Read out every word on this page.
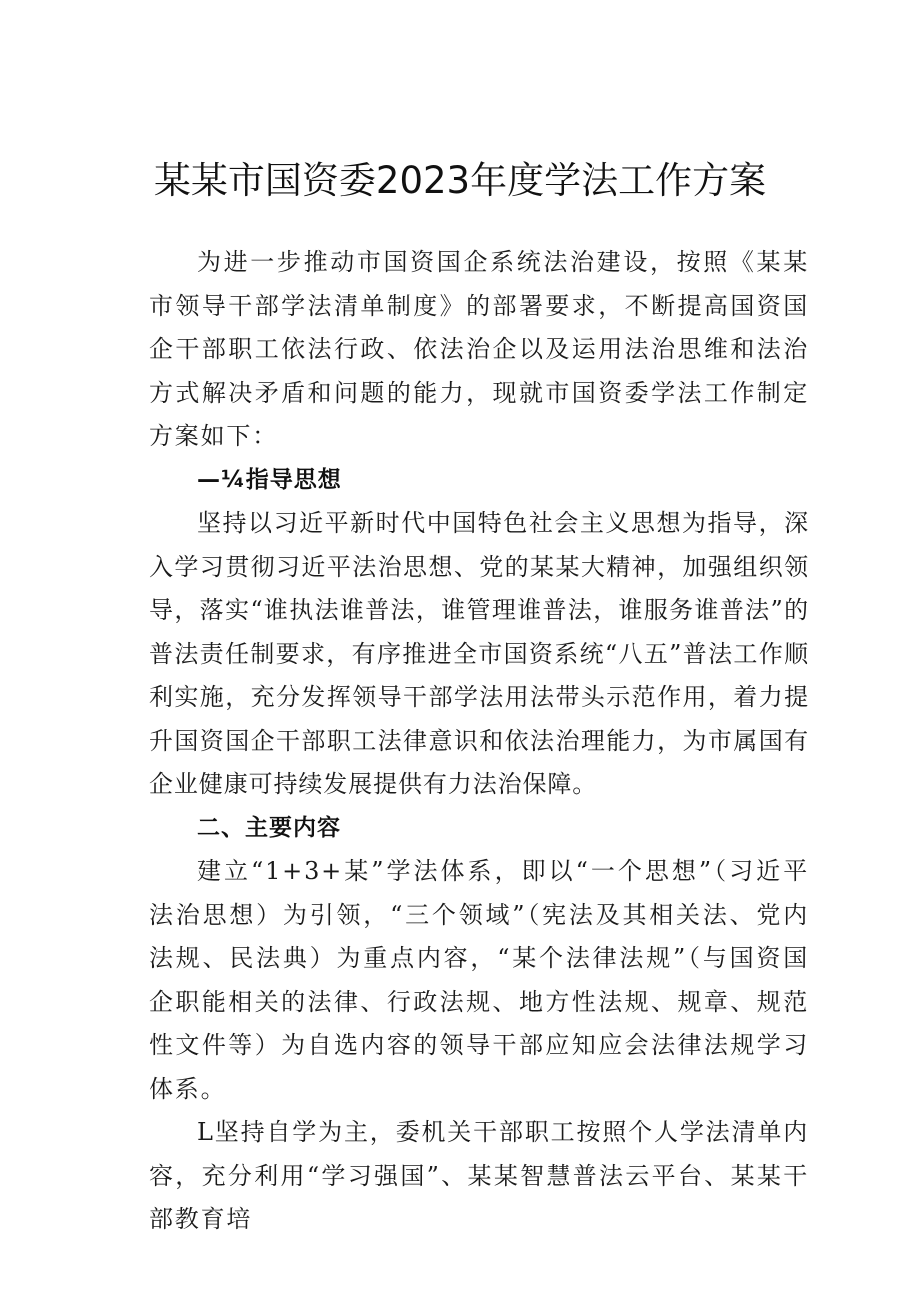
某某市国资委2023年度学法工作方案

为进一步推动市国资国企系统法治建设，按照《某某市领导干部学法清单制度》的部署要求，不断提高国资国企干部职工依法行政、依法治企以及运用法治思维和法治方式解决矛盾和问题的能力，现就市国资委学法工作制定方案如下：

—¼指导思想

坚持以习近平新时代中国特色社会主义思想为指导，深入学习贯彻习近平法治思想、党的某某大精神，加强组织领导，落实“谁执法谁普法，谁管理谁普法，谁服务谁普法”的普法责任制要求，有序推进全市国资系统“八五”普法工作顺利实施，充分发挥领导干部学法用法带头示范作用，着力提升国资国企干部职工法律意识和依法治理能力，为市属国有企业健康可持续发展提供有力法治保障。

二、主要内容

建立“1+3+某”学法体系，即以“一个思想”（习近平法治思想）为引领，“三个领域”（宪法及其相关法、党内法规、民法典）为重点内容，“某个法律法规”（与国资国企职能相关的法律、行政法规、地方性法规、规章、规范性文件等）为自选内容的领导干部应知应会法律法规学习体系。

L坚持自学为主，委机关干部职工按照个人学法清单内容，充分利用“学习强国”、某某智慧普法云平台、某某干部教育培
